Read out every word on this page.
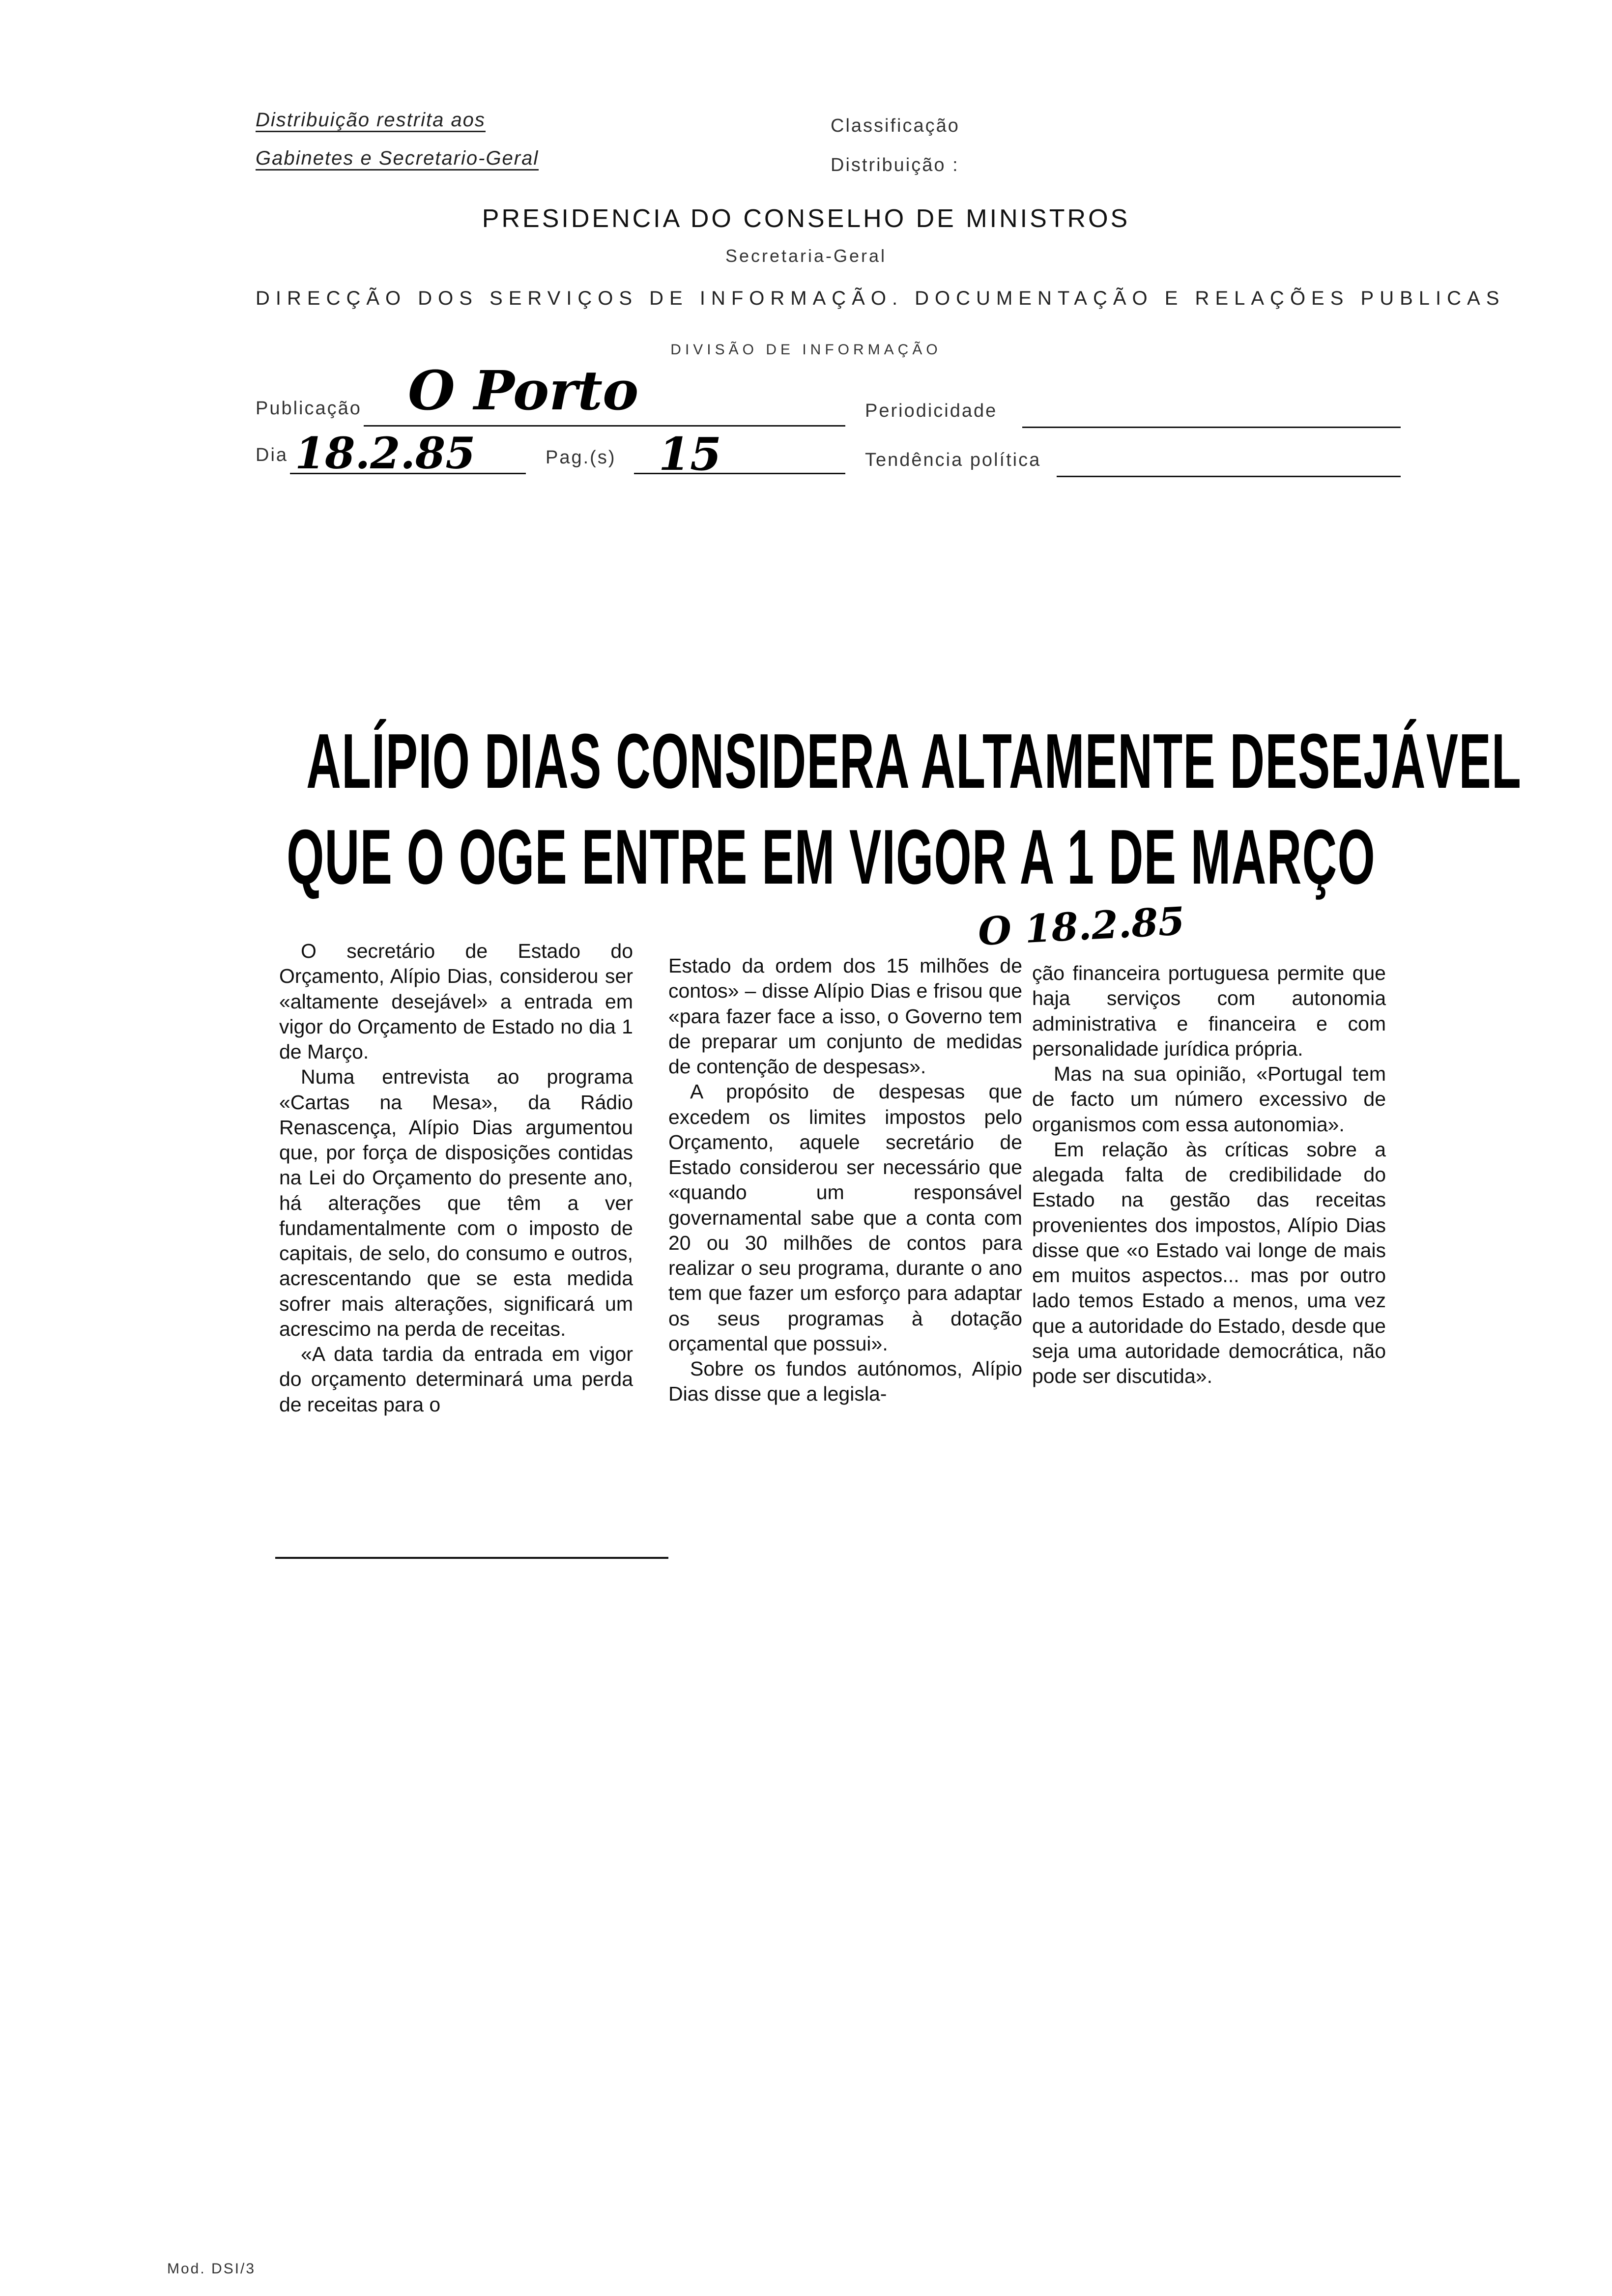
Distribuição restrita aos
Gabinetes e Secretario-Geral
Classificação
Distribuição :
PRESIDENCIA DO CONSELHO DE MINISTROS
Secretaria-Geral
DIRECÇÃO DOS SERVIÇOS DE INFORMAÇÃO. DOCUMENTAÇÃO E RELAÇÕES PUBLICAS
DIVISÃO DE INFORMAÇÃO
Publicação O Porto	Periodicidade
Dia 18.2.85	Pag.(s) 15	Tendência política
ALÍPIO DIAS CONSIDERA ALTAMENTE DESEJÁVEL
QUE O OGE ENTRE EM VIGOR A 1 DE MARÇO
O 18.2.85

O secretário de Estado do Orçamento, Alípio Dias, considerou ser «altamente desejável» a entrada em vigor do Orçamento de Estado no dia 1 de Março.

Numa entrevista ao programa «Cartas na Mesa», da Rádio Renascença, Alípio Dias argumentou que, por força de disposições contidas na Lei do Orçamento do presente ano, há alterações que têm a ver fundamentalmente com o imposto de capitais, de selo, do consumo e outros, acrescentando que se esta medida sofrer mais alterações, significará um acrescimo na perda de receitas.

«A data tardia da entrada em vigor do orçamento determinará uma perda de receitas para o

Estado da ordem dos 15 milhões de contos» – disse Alípio Dias e frisou que «para fazer face a isso, o Governo tem de preparar um conjunto de medidas de contenção de despesas».

A propósito de despesas que excedem os limites impostos pelo Orçamento, aquele secretário de Estado considerou ser necessário que «quando um responsável governamental sabe que a conta com 20 ou 30 milhões de contos para realizar o seu programa, durante o ano tem que fazer um esforço para adaptar os seus programas à dotação orçamental que possui».

Sobre os fundos autónomos, Alípio Dias disse que a legisla-

ção financeira portuguesa permite que haja serviços com autonomia administrativa e financeira e com personalidade jurídica própria.

Mas na sua opinião, «Portugal tem de facto um número excessivo de organismos com essa autonomia».

Em relação às críticas sobre a alegada falta de credibilidade do Estado na gestão das receitas provenientes dos impostos, Alípio Dias disse que «o Estado vai longe de mais em muitos aspectos... mas por outro lado temos Estado a menos, uma vez que a autoridade do Estado, desde que seja uma autoridade democrática, não pode ser discutida».

Mod. DSI/3
